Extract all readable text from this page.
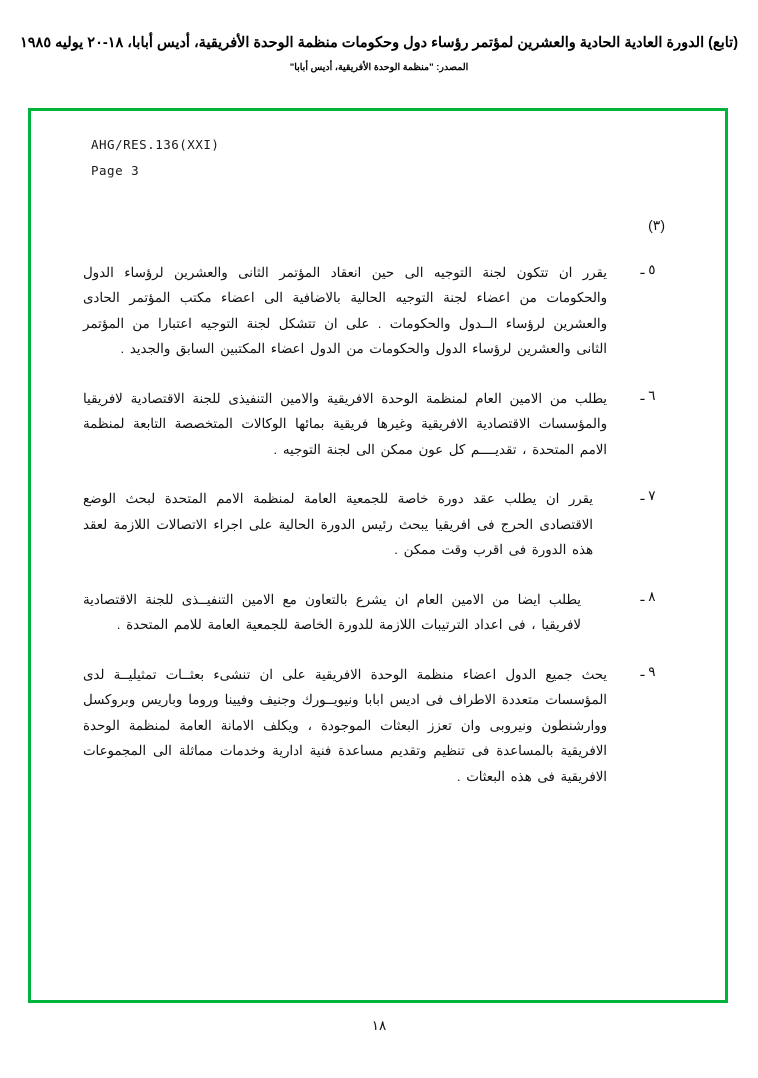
(تابع) الدورة العادية الحادية والعشرين لمؤتمر رؤساء دول وحكومات منظمة الوحدة الأفريقية، أديس أبابا، ١٨-٢٠ يوليه ١٩٨٥
المصدر: "منظمة الوحدة الأفريقية، أديس أبابا"
AHG/RES.136(XXI)
Page 3
(٣)
٥ ـ
يقرر ان تتكون لجنة التوجيه الى حين انعقاد المؤتمر الثانى والعشرين لرؤساء الدول والحكومات من اعضاء لجنة التوجيه الحالية بالاضافية الى اعضاء مكتب المؤتمر الحادى والعشرين لرؤساء الــدول والحكومات . على ان تتشكل لجنة التوجيه اعتبارا من المؤتمر الثانى والعشرين لرؤساء الدول والحكومات من الدول اعضاء المكتبين السابق والجديد .
٦ ـ
يطلب من الامين العام لمنظمة الوحدة الافريقية والامين التنفيذى للجنة الاقتصادية لافريقيا والمؤسسات الاقتصادية الافريقية وغيرها فريقية بمائها الوكالات المتخصصة التابعة لمنظمة الامم المتحدة ، تقديــــم كل عون ممكن الى لجنة التوجيه .
٧ ـ
يقرر ان يطلب عقد دورة خاصة للجمعية العامة لمنظمة الامم المتحدة لبحث الوضع الاقتصادى الحرج فى افريقيا يبحث رئيس الدورة الحالية على اجراء الاتصالات اللازمة لعقد هذه الدورة فى اقرب وقت ممكن .
٨ ـ
يطلب ايضا من الامين العام ان يشرع بالتعاون مع الامين التنفيــذى للجنة الاقتصادية لافريقيا ، فى اعداد الترتيبات اللازمة للدورة الخاصة للجمعية العامة للامم المتحدة .
٩ ـ
يحث جميع الدول اعضاء منظمة الوحدة الافريقية على ان تنشىء بعثــات تمثيليــة لدى المؤسسات متعددة الاطراف فى اديس ابابا ونيويــورك وجنيف وفيينا وروما وباريس وبروكسل ووارشنطون ونيروبى وان تعزز البعثات الموجودة ، ويكلف الامانة العامة لمنظمة الوحدة الافريقية بالمساعدة فى تنظيم وتقديم مساعدة فنية ادارية وخدمات مماثلة الى المجموعات الافريقية فى هذه البعثات .
١٨
